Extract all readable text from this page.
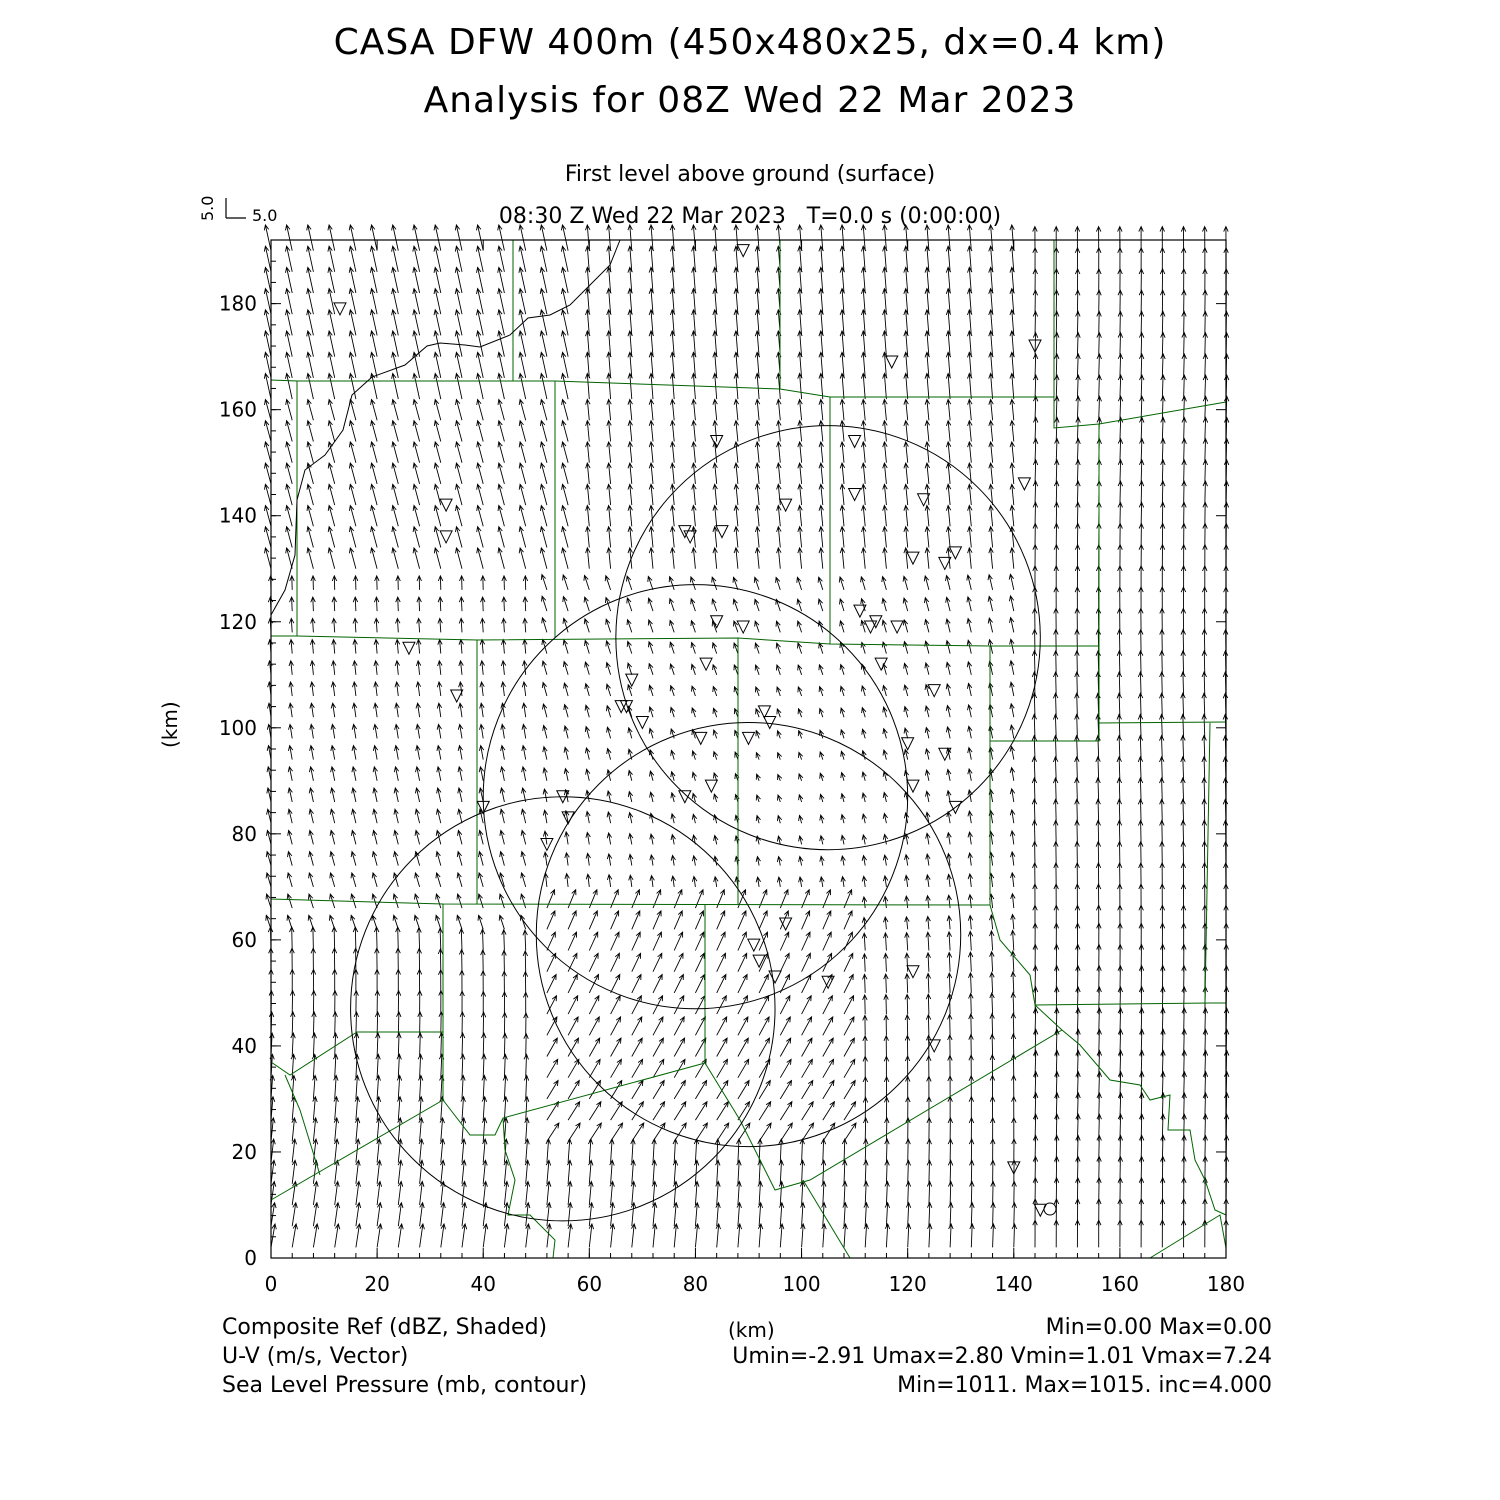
CASA DFW 400m (450x480x25, dx=0.4 km)
Analysis for 08Z Wed 22 Mar 2023
First level above ground (surface)
08:30 Z Wed 22 Mar 2023   T=0.0 s (0:00:00)
0	20	40	60	80	100	120	140	160	180
0
20
40
60
80
100
120
140
160
180
5.0
5.0
(km)
Composite Ref (dBZ, Shaded)
U-V (m/s, Vector)
Sea Level Pressure (mb, contour)
(km)	Min=0.00 Max=0.00
Umin=-2.91 Umax=2.80 Vmin=1.01 Vmax=7.24
Min=1011. Max=1015. inc=4.000
